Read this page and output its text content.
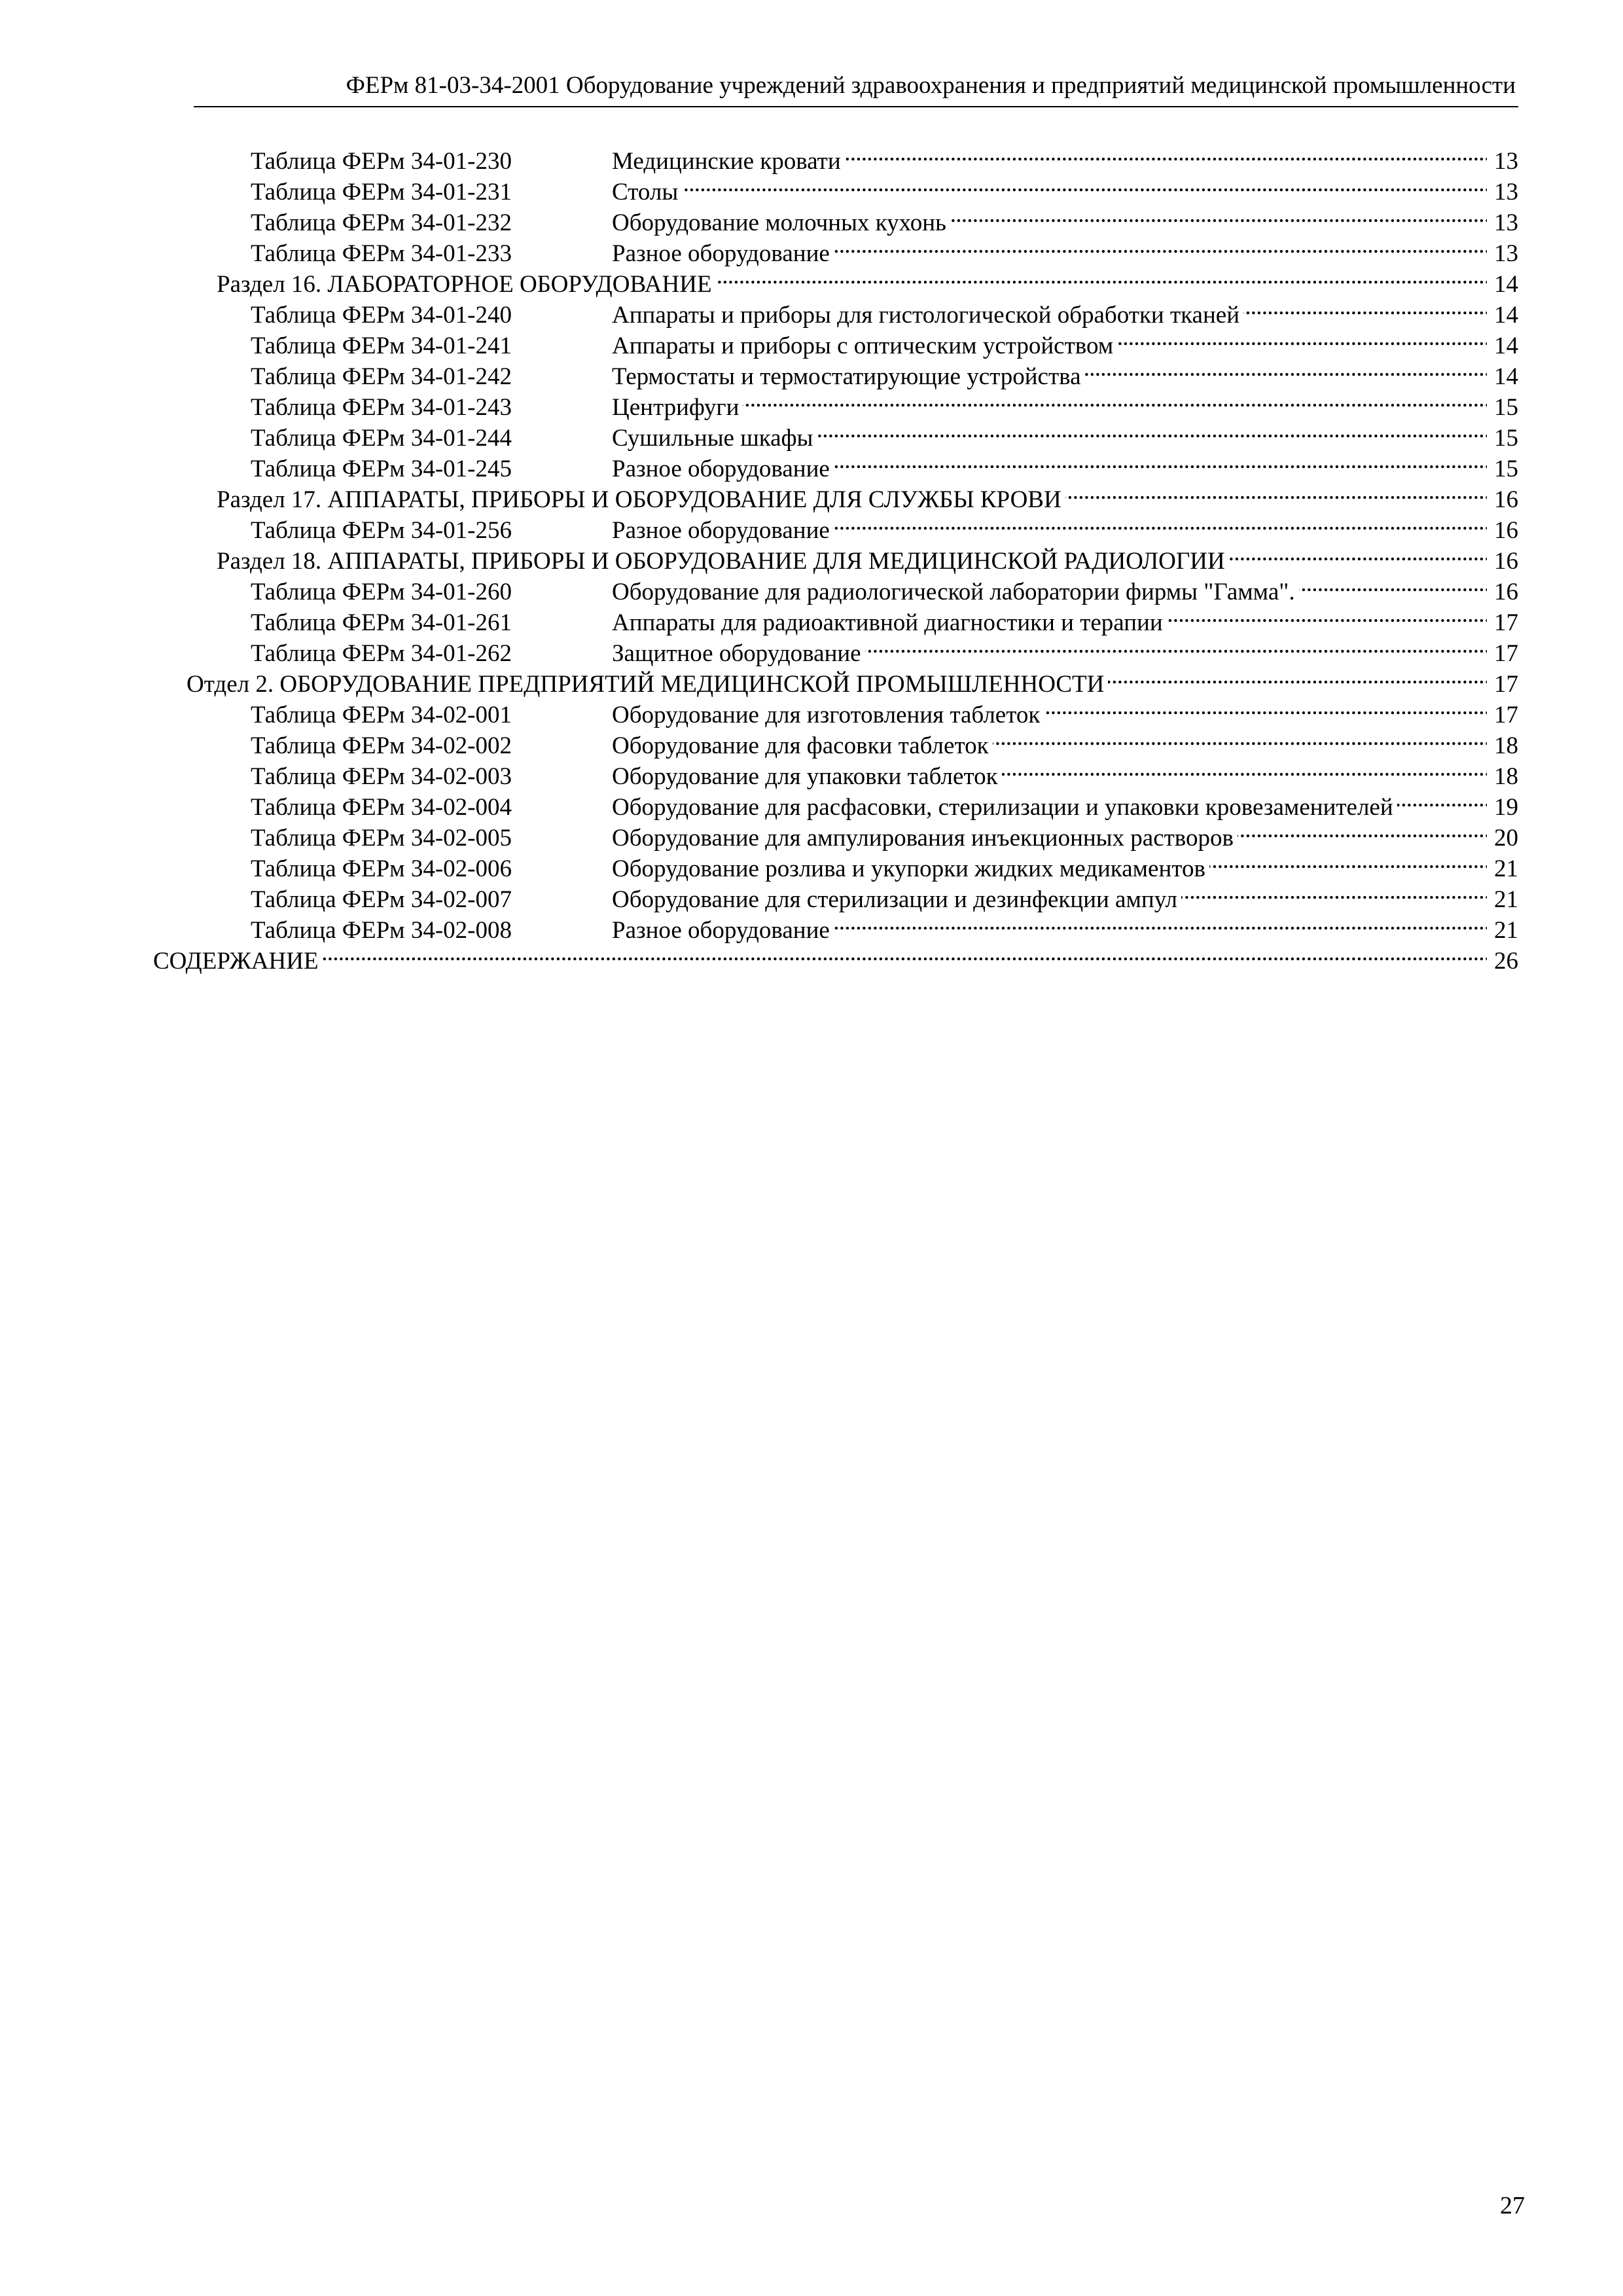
ФЕРм 81-03-34-2001 Оборудование учреждений здравоохранения и предприятий медицинской промышленности
Таблица ФЕРм 34-01-230	Медицинские кровати . . .	13
Таблица ФЕРм 34-01-231	Столы . . .	13
Таблица ФЕРм 34-01-232	Оборудование молочных кухонь . . .	13
Таблица ФЕРм 34-01-233	Разное оборудование . . .	13
Раздел 16. ЛАБОРАТОРНОЕ ОБОРУДОВАНИЕ . . .	14
Таблица ФЕРм 34-01-240	Аппараты и приборы для гистологической обработки тканей . . .	14
Таблица ФЕРм 34-01-241	Аппараты и приборы с оптическим устройством . . .	14
Таблица ФЕРм 34-01-242	Термостаты и термостатирующие устройства . . .	14
Таблица ФЕРм 34-01-243	Центрифуги . . .	15
Таблица ФЕРм 34-01-244	Сушильные шкафы . . .	15
Таблица ФЕРм 34-01-245	Разное оборудование . . .	15
Раздел 17. АППАРАТЫ, ПРИБОРЫ И ОБОРУДОВАНИЕ ДЛЯ СЛУЖБЫ КРОВИ . . .	16
Таблица ФЕРм 34-01-256	Разное оборудование . . .	16
Раздел 18. АППАРАТЫ, ПРИБОРЫ И ОБОРУДОВАНИЕ ДЛЯ МЕДИЦИНСКОЙ РАДИОЛОГИИ . . .	16
Таблица ФЕРм 34-01-260	Оборудование для радиологической лаборатории фирмы "Гамма". . . .	16
Таблица ФЕРм 34-01-261	Аппараты для радиоактивной диагностики и терапии . . .	17
Таблица ФЕРм 34-01-262	Защитное оборудование . . .	17
Отдел 2. ОБОРУДОВАНИЕ ПРЕДПРИЯТИЙ МЕДИЦИНСКОЙ ПРОМЫШЛЕННОСТИ . . .	17
Таблица ФЕРм 34-02-001	Оборудование для изготовления таблеток . . .	17
Таблица ФЕРм 34-02-002	Оборудование для фасовки таблеток . . .	18
Таблица ФЕРм 34-02-003	Оборудование для упаковки таблеток . . .	18
Таблица ФЕРм 34-02-004	Оборудование для расфасовки, стерилизации и упаковки кровезаменителей . . .	19
Таблица ФЕРм 34-02-005	Оборудование для ампулирования инъекционных растворов . . .	20
Таблица ФЕРм 34-02-006	Оборудование розлива и укупорки жидких медикаментов . . .	21
Таблица ФЕРм 34-02-007	Оборудование для стерилизации и дезинфекции ампул . . .	21
Таблица ФЕРм 34-02-008	Разное оборудование . . .	21
СОДЕРЖАНИЕ . . .	26
27
